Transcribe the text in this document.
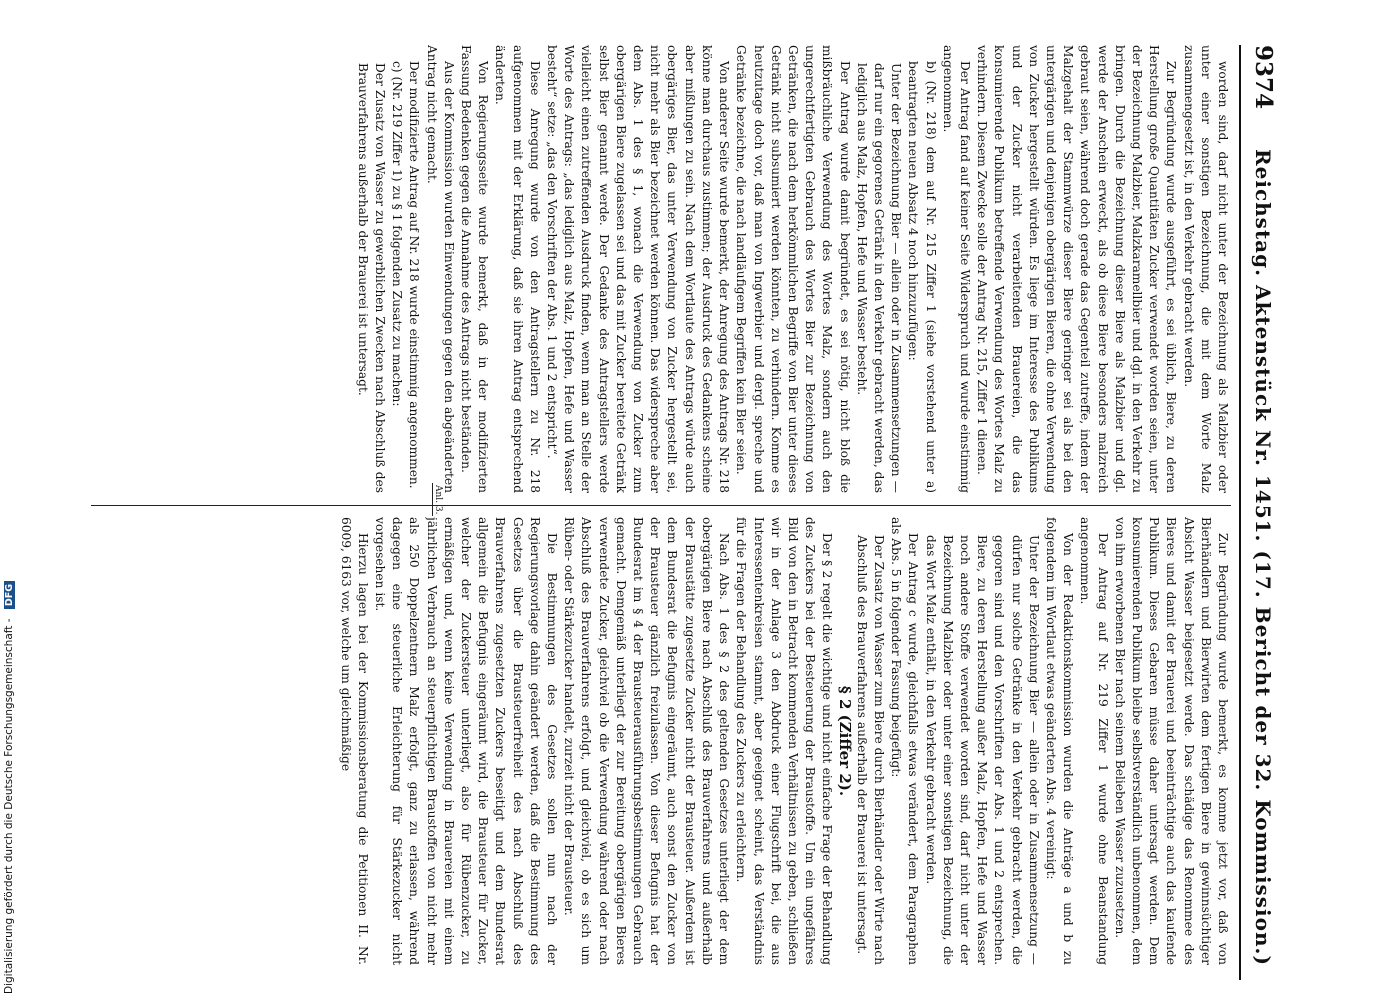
9374
Reichstag. Aktenstück Nr. 1451. (17. Bericht der 32. Kommission.)

worden sind, darf nicht unter der Bezeichnung als Malzbier oder unter einer sonstigen Bezeichnung, die mit dem Worte Malz zusammengesetzt ist, in den Verkehr gebracht werden.

Zur Begründung wurde ausgeführt, es sei üblich, Biere, zu deren Herstellung große Quantitäten Zucker verwendet worden seien, unter der Bezeichnung Malzbier, Malzkaramellbier und dgl. in den Verkehr zu bringen. Durch die Bezeichnung dieser Biere als Malzbier und dgl. werde der Anschein erweckt, als ob diese Biere besonders malzreich gebraut seien, während doch gerade das Gegenteil zutreffe, indem der Malzgehalt der Stammwürze dieser Biere geringer sei als bei den untergärigen und denjenigen obergärigen Bieren, die ohne Verwendung von Zucker hergestellt würden. Es liege im Interesse des Publikums und der Zucker nicht verarbeitenden Brauereien, die das konsumierende Publikum betreffende Verwendung des Wortes Malz zu verhindern. Diesem Zwecke solle der Antrag Nr. 215, Ziffer 1 dienen.

Der Antrag fand auf keiner Seite Widerspruch und wurde einstimmig angenommen.

b) (Nr. 218) dem auf Nr. 215 Ziffer 1 (siehe vorstehend unter a) beantragten neuen Absatz 4 noch hinzuzufügen:

Unter der Bezeichnung Bier — allein oder in Zusammensetzungen — darf nur ein gegorenes Getränk in den Verkehr gebracht werden, das lediglich aus Malz, Hopfen, Hefe und Wasser besteht.

Der Antrag wurde damit begründet, es sei nötig, nicht bloß die mißbräuchliche Verwendung des Wortes Malz, sondern auch den ungerechtfertigten Gebrauch des Wortes Bier zur Bezeichnung von Getränken, die nach dem herkömmlichen Begriffe von Bier unter dieses Getränk nicht subsumiert werden könnten, zu verhindern. Komme es heutzutage doch vor, daß man von Ingwerbier und dergl. spreche und Getränke bezeichne, die nach landläufigem Begriffen kein Bier seien.

Von anderer Seite wurde bemerkt, der Anregung des Antrags Nr. 218 könne man durchaus zustimmen; der Ausdruck des Gedankens scheine aber mißlungen zu sein. Nach dem Wortlaute des Antrags würde auch obergäriges Bier, das unter Verwendung von Zucker hergestellt sei, nicht mehr als Bier bezeichnet werden können. Das widerspreche aber dem Abs. 1 des § 1, wonach die Verwendung von Zucker zum obergärigen Biere zugelassen sei und das mit Zucker bereitete Getränk selbst Bier genannt werde. Der Gedanke des Antragstellers werde vielleicht einen zutreffenden Ausdruck finden, wenn man an Stelle der Worte des Antrags: „das lediglich aus Malz, Hopfen, Hefe und Wasser besteht“ setze: „das den Vorschriften der Abs. 1 und 2 entspricht“.

Diese Anregung wurde von den Antragstellern zu Nr. 218 aufgenommen mit der Erklärung, daß sie ihren Antrag entsprechend änderten.

Von Regierungsseite wurde bemerkt, daß in der modifizierten Fassung Bedenken gegen die Annahme des Antrags nicht beständen.

Aus der Kommission wurden Einwendungen gegen den abgeänderten Antrag nicht gemacht.

Der modifizierte Antrag auf Nr. 218 wurde einstimmig angenommen.

c) (Nr. 219 Ziffer 1) zu § 1 folgenden Zusatz zu machen:

Der Zusatz von Wasser zu gewerblichen Zwecken nach Abschluß des Brauverfahrens außerhalb der Brauerei ist untersagt.

Zur Begründung wurde bemerkt, es komme jetzt vor, daß von Bierhändlern und Bierwirten dem fertigen Biere in gewinnsüchtiger Absicht Wasser beigesetzt werde. Das schädige das Renommee des Bieres und damit der Brauerei und beeinträchtige auch das kaufende Publikum. Dieses Gebaren müsse daher untersagt werden. Dem konsumierenden Publikum bleibe selbstverständlich unbenommen, dem von ihm erworbenen Bier nach seinem Belieben Wasser zuzusetzen.

Der Antrag auf Nr. 219 Ziffer 1 wurde ohne Beanstandung angenommen.

Von der Redaktionskommission wurden die Anträge a und b zu folgendem im Wortlaut etwas geänderten Abs. 4 vereinigt:

Unter der Bezeichnung Bier — allein oder in Zusammensetzung — dürfen nur solche Getränke in den Verkehr gebracht werden, die gegoren sind und den Vorschriften der Abs. 1 und 2 entsprechen. Biere, zu deren Herstellung außer Malz, Hopfen, Hefe und Wasser noch andere Stoffe verwendet worden sind, darf nicht unter der Bezeichnung Malzbier oder unter einer sonstigen Bezeichnung, die das Wort Malz enthält, in den Verkehr gebracht werden.

Der Antrag c wurde, gleichfalls etwas verändert, dem Paragraphen als Abs. 5 in folgender Fassung beigefügt:

Der Zusatz von Wasser zum Biere durch Bierhändler oder Wirte nach Abschluß des Brauverfahrens außerhalb der Brauerei ist untersagt.

§ 2 (Ziffer 2).

Der § 2 regelt die wichtige und nicht einfache Frage der Behandlung des Zuckers bei der Besteuerung der Braustoffe. Um ein ungefähres Bild von den in Betracht kommenden Verhältnissen zu geben, schließen wir in der Anlage 3 den Abdruck einer Flugschrift bei, die aus Interessentenkreisen stammt, aber geeignet scheint, das Verständnis für die Fragen der Behandlung des Zuckers zu erleichtern.

Nach Abs. 1 des § 2 des geltenden Gesetzes unterliegt der dem obergärigen Biere nach Abschluß des Brauverfahrens und außerhalb der Braustätte zugesetzte Zucker nicht der Brausteuer. Außerdem ist dem Bundesrat die Befugnis eingeräumt, auch sonst den Zucker von der Brausteuer gänzlich freizulassen. Von dieser Befugnis hat der Bundesrat im § 4 der Brausteuerausführungsbestimmungen Gebrauch gemacht. Demgemäß unterliegt der zur Bereitung obergärigen Bieres verwendete Zucker, gleichviel ob die Verwendung während oder nach Abschluß des Brauverfahrens erfolgt, und gleichviel, ob es sich um Rüben- oder Stärkezucker handelt, zurzeit nicht der Brausteuer.

Die Bestimmungen des Gesetzes sollen nun nach der Regierungsvorlage dahin geändert werden, daß die Bestimmung des Gesetzes über die Brausteuerfreiheit des nach Abschluß des Brauverfahrens zugesetzten Zuckers beseitigt und dem Bundesrat allgemein die Befugnis eingeräumt wird, die Brausteuer für Zucker, welcher der Zuckersteuer unterliegt, also für Rübenzucker, zu ermäßigen und, wenn keine Verwendung in Brauereien mit einem jährlichen Verbrauch an steuerpflichtigen Braustoffen von nicht mehr als 250 Doppelzentnern Malz erfolgt, ganz zu erlassen, während dagegen eine steuerliche Erleichterung für Stärkezucker nicht vorgesehen ist.

Hierzu lagen bei der Kommissionsberatung die Petitionen II. Nr. 6009, 6163 vor, welche um gleichmäßige

Anl. 3.
Digitalisierung gefördert durch die Deutsche Forschungsgemeinschaft - DFG
